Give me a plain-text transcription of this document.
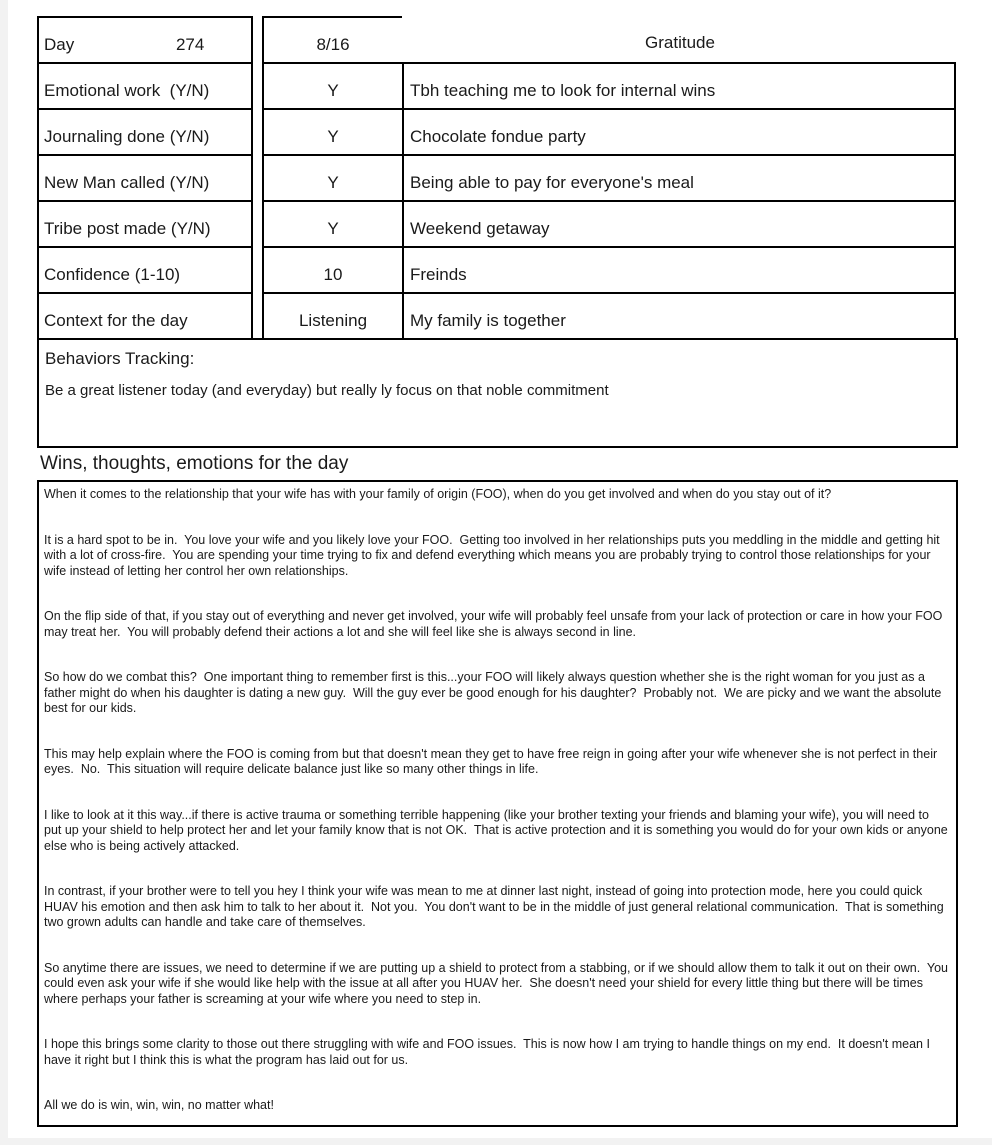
Day	274	8/16	Gratitude
Emotional work  (Y/N)	Y	Tbh teaching me to look for internal wins
Journaling done (Y/N)	Y	Chocolate fondue party
New Man called (Y/N)	Y	Being able to pay for everyone's meal
Tribe post made (Y/N)	Y	Weekend getaway
Confidence (1-10)	10	Freinds
Context for the day	Listening	My family is together
Behaviors Tracking:
Be a great listener today (and everyday) but really ly focus on that noble commitment
Wins, thoughts, emotions for the day

When it comes to the relationship that your wife has with your family of origin (FOO), when do you get involved and when do you stay out of it?

It is a hard spot to be in.  You love your wife and you likely love your FOO.  Getting too involved in her relationships puts you meddling in the middle and getting hit with a lot of cross-fire.  You are spending your time trying to fix and defend everything which means you are probably trying to control those relationships for your wife instead of letting her control her own relationships.

On the flip side of that, if you stay out of everything and never get involved, your wife will probably feel unsafe from your lack of protection or care in how your FOO may treat her.  You will probably defend their actions a lot and she will feel like she is always second in line.

So how do we combat this?  One important thing to remember first is this...your FOO will likely always question whether she is the right woman for you just as a father might do when his daughter is dating a new guy.  Will the guy ever be good enough for his daughter?  Probably not.  We are picky and we want the absolute best for our kids.

This may help explain where the FOO is coming from but that doesn't mean they get to have free reign in going after your wife whenever she is not perfect in their eyes.  No.  This situation will require delicate balance just like so many other things in life.

I like to look at it this way...if there is active trauma or something terrible happening (like your brother texting your friends and blaming your wife), you will need to put up your shield to help protect her and let your family know that is not OK.  That is active protection and it is something you would do for your own kids or anyone else who is being actively attacked.

In contrast, if your brother were to tell you hey I think your wife was mean to me at dinner last night, instead of going into protection mode, here you could quick HUAV his emotion and then ask him to talk to her about it.  Not you.  You don't want to be in the middle of just general relational communication.  That is something two grown adults can handle and take care of themselves.

So anytime there are issues, we need to determine if we are putting up a shield to protect from a stabbing, or if we should allow them to talk it out on their own.  You could even ask your wife if she would like help with the issue at all after you HUAV her.  She doesn't need your shield for every little thing but there will be times where perhaps your father is screaming at your wife where you need to step in.

I hope this brings some clarity to those out there struggling with wife and FOO issues.  This is now how I am trying to handle things on my end.  It doesn't mean I have it right but I think this is what the program has laid out for us.

All we do is win, win, win, no matter what!
